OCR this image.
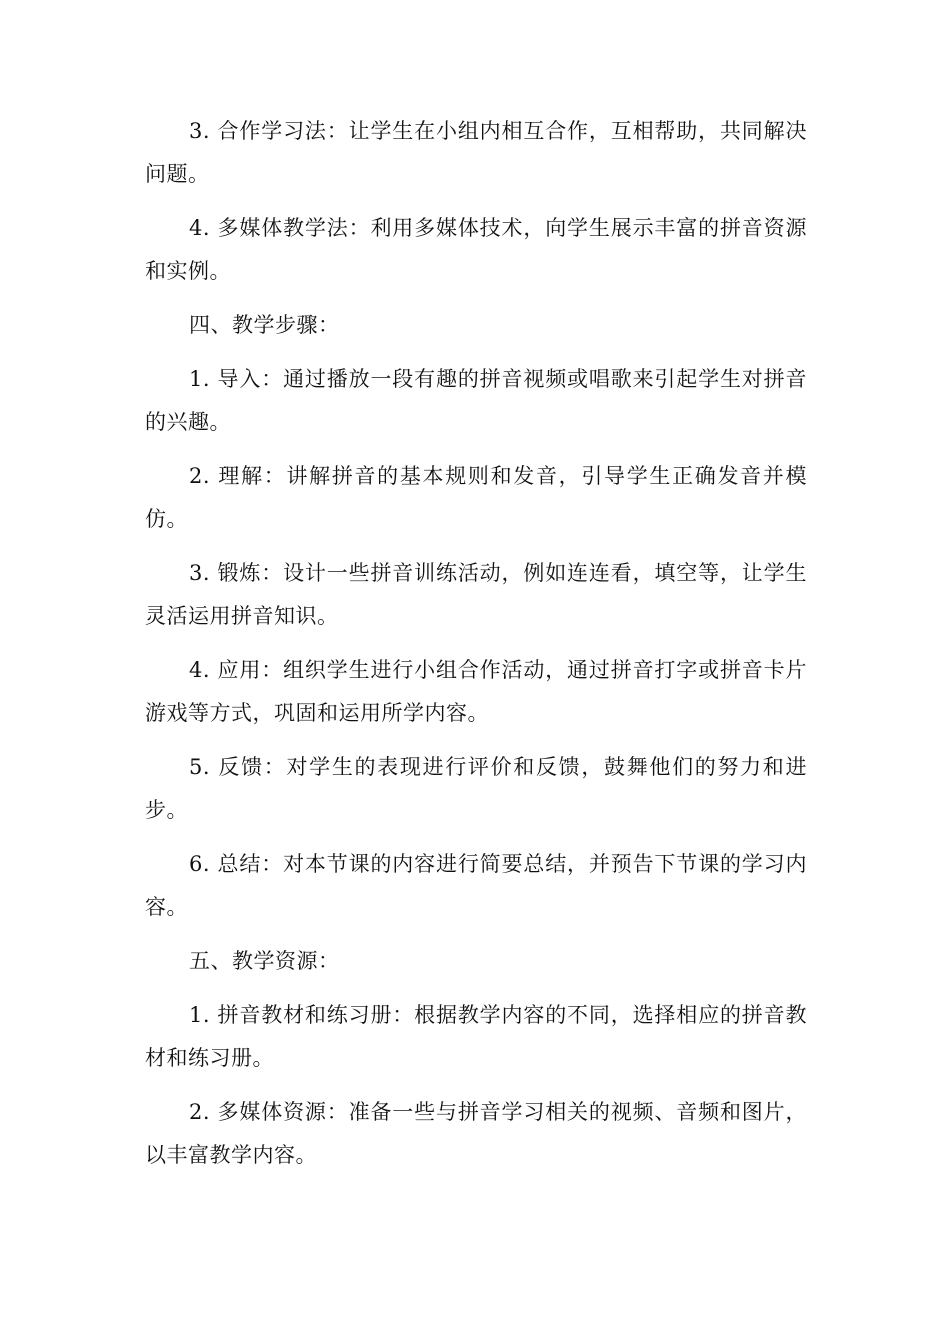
3. 合作学习法：让学生在小组内相互合作，互相帮助，共同解决问题。

4. 多媒体教学法：利用多媒体技术，向学生展示丰富的拼音资源和实例。

四、教学步骤：

1. 导入：通过播放一段有趣的拼音视频或唱歌来引起学生对拼音的兴趣。

2. 理解：讲解拼音的基本规则和发音，引导学生正确发音并模仿。

3. 锻炼：设计一些拼音训练活动，例如连连看，填空等，让学生灵活运用拼音知识。

4. 应用：组织学生进行小组合作活动，通过拼音打字或拼音卡片游戏等方式，巩固和运用所学内容。

5. 反馈：对学生的表现进行评价和反馈，鼓舞他们的努力和进步。

6. 总结：对本节课的内容进行简要总结，并预告下节课的学习内容。

五、教学资源：

1. 拼音教材和练习册：根据教学内容的不同，选择相应的拼音教材和练习册。

2. 多媒体资源：准备一些与拼音学习相关的视频、音频和图片，以丰富教学内容。
